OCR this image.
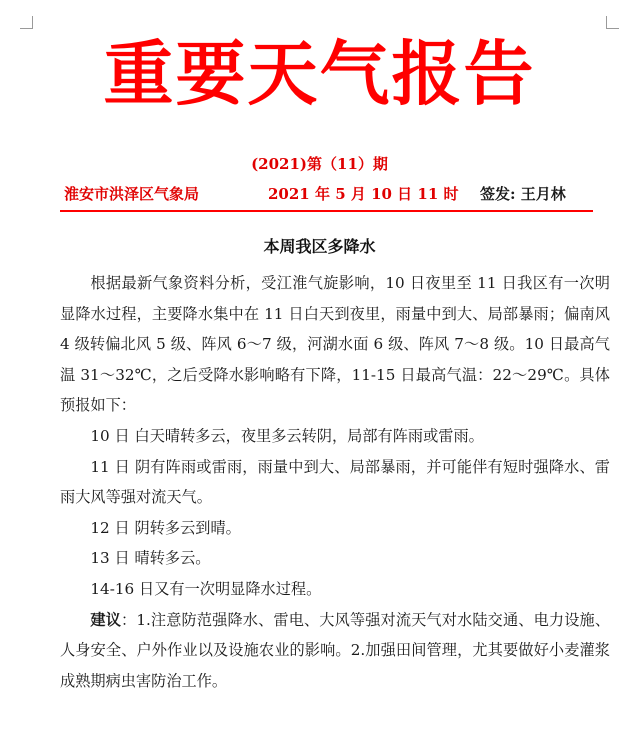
重要天气报告
(2021)第（11）期
淮安市洪泽区气象局	2021 年 5 月 10 日 11 时 签发: 王月林
本周我区多降水

根据最新气象资料分析，受江淮气旋影响，10 日夜里至 11 日我区有一次明显降水过程，主要降水集中在 11 日白天到夜里，雨量中到大、局部暴雨；偏南风 4 级转偏北风 5 级、阵风 6～7 级，河湖水面 6 级、阵风 7～8 级。10 日最高气温 31～32℃，之后受降水影响略有下降，11-15 日最高气温：22～29℃。具体预报如下：

10 日 白天晴转多云，夜里多云转阴，局部有阵雨或雷雨。

11 日 阴有阵雨或雷雨，雨量中到大、局部暴雨，并可能伴有短时强降水、雷雨大风等强对流天气。

12 日 阴转多云到晴。

13 日 晴转多云。

14-16 日又有一次明显降水过程。

建议：1.注意防范强降水、雷电、大风等强对流天气对水陆交通、电力设施、人身安全、户外作业以及设施农业的影响。2.加强田间管理，尤其要做好小麦灌浆成熟期病虫害防治工作。
